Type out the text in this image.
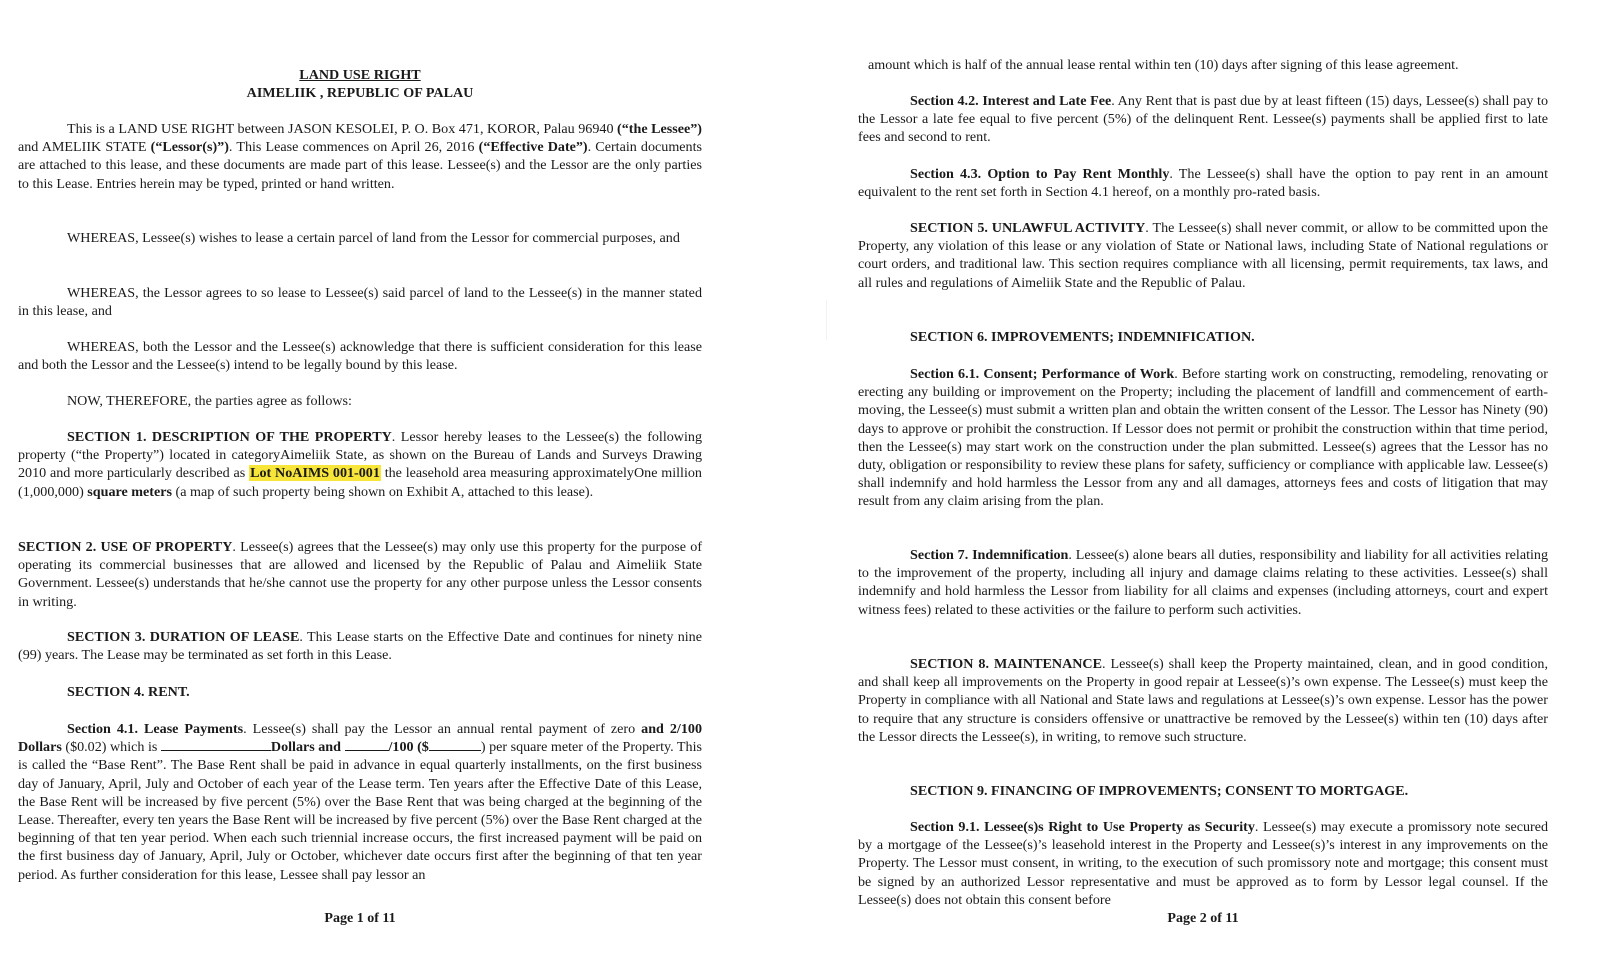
LAND USE RIGHT
AIMELIIK , REPUBLIC OF PALAU

This is a LAND USE RIGHT between JASON KESOLEI, P. O. Box 471, KOROR, Palau 96940 (“the Lessee”) and AMELIIK STATE (“Lessor(s)”). This Lease commences on April 26, 2016 (“Effective Date”). Certain documents are attached to this lease, and these documents are made part of this lease. Lessee(s) and the Lessor are the only parties to this Lease. Entries herein may be typed, printed or hand written.

WHEREAS, Lessee(s) wishes to lease a certain parcel of land from the Lessor for commercial purposes, and

WHEREAS, the Lessor agrees to so lease to Lessee(s) said parcel of land to the Lessee(s) in the manner stated in this lease, and

WHEREAS, both the Lessor and the Lessee(s) acknowledge that there is sufficient consideration for this lease and both the Lessor and the Lessee(s) intend to be legally bound by this lease.

NOW, THEREFORE, the parties agree as follows:

SECTION 1. DESCRIPTION OF THE PROPERTY. Lessor hereby leases to the Lessee(s) the following property (“the Property”) located in categoryAimeliik State, as shown on the Bureau of Lands and Surveys Drawing 2010 and more particularly described as Lot NoAIMS 001-001 the leasehold area measuring approximatelyOne million (1,000,000) square meters (a map of such property being shown on Exhibit A, attached to this lease).

SECTION 2. USE OF PROPERTY. Lessee(s) agrees that the Lessee(s) may only use this property for the purpose of operating its commercial businesses that are allowed and licensed by the Republic of Palau and Aimeliik State Government. Lessee(s) understands that he/she cannot use the property for any other purpose unless the Lessor consents in writing.

SECTION 3. DURATION OF LEASE. This Lease starts on the Effective Date and continues for ninety nine (99) years. The Lease may be terminated as set forth in this Lease.

SECTION 4. RENT.

Section 4.1. Lease Payments. Lessee(s) shall pay the Lessor an annual rental payment of zero and 2/100 Dollars ($0.02) which is	Dollars and	/100 ($	) per square meter of the Property. This is called the “Base Rent”. The Base Rent shall be paid in advance in equal quarterly installments, on the first business day of January, April, July and October of each year of the Lease term. Ten years after the Effective Date of this Lease, the Base Rent will be increased by five percent (5%) over the Base Rent that was being charged at the beginning of the Lease. Thereafter, every ten years the Base Rent will be increased by five percent (5%) over the Base Rent charged at the beginning of that ten year period. When each such triennial increase occurs, the first increased payment will be paid on the first business day of January, April, July or October, whichever date occurs first after the beginning of that ten year period. As further consideration for this lease, Lessee shall pay lessor an

Page 1 of 11

amount which is half of the annual lease rental within ten (10) days after signing of this lease agreement.

Section 4.2. Interest and Late Fee. Any Rent that is past due by at least fifteen (15) days, Lessee(s) shall pay to the Lessor a late fee equal to five percent (5%) of the delinquent Rent. Lessee(s) payments shall be applied first to late fees and second to rent.

Section 4.3. Option to Pay Rent Monthly. The Lessee(s) shall have the option to pay rent in an amount equivalent to the rent set forth in Section 4.1 hereof, on a monthly pro-rated basis.

SECTION 5. UNLAWFUL ACTIVITY. The Lessee(s) shall never commit, or allow to be committed upon the Property, any violation of this lease or any violation of State or National laws, including State of National regulations or court orders, and traditional law. This section requires compliance with all licensing, permit requirements, tax laws, and all rules and regulations of Aimeliik State and the Republic of Palau.

SECTION 6. IMPROVEMENTS; INDEMNIFICATION.

Section 6.1. Consent; Performance of Work. Before starting work on constructing, remodeling, renovating or erecting any building or improvement on the Property; including the placement of landfill and commencement of earth-moving, the Lessee(s) must submit a written plan and obtain the written consent of the Lessor. The Lessor has Ninety (90) days to approve or prohibit the construction. If Lessor does not permit or prohibit the construction within that time period, then the Lessee(s) may start work on the construction under the plan submitted. Lessee(s) agrees that the Lessor has no duty, obligation or responsibility to review these plans for safety, sufficiency or compliance with applicable law. Lessee(s) shall indemnify and hold harmless the Lessor from any and all damages, attorneys fees and costs of litigation that may result from any claim arising from the plan.

Section 7. Indemnification. Lessee(s) alone bears all duties, responsibility and liability for all activities relating to the improvement of the property, including all injury and damage claims relating to these activities. Lessee(s) shall indemnify and hold harmless the Lessor from liability for all claims and expenses (including attorneys, court and expert witness fees) related to these activities or the failure to perform such activities.

SECTION 8. MAINTENANCE. Lessee(s) shall keep the Property maintained, clean, and in good condition, and shall keep all improvements on the Property in good repair at Lessee(s)’s own expense. The Lessee(s) must keep the Property in compliance with all National and State laws and regulations at Lessee(s)’s own expense. Lessor has the power to require that any structure is considers offensive or unattractive be removed by the Lessee(s) within ten (10) days after the Lessor directs the Lessee(s), in writing, to remove such structure.

SECTION 9. FINANCING OF IMPROVEMENTS; CONSENT TO MORTGAGE.

Section 9.1. Lessee(s)s Right to Use Property as Security. Lessee(s) may execute a promissory note secured by a mortgage of the Lessee(s)’s leasehold interest in the Property and Lessee(s)’s interest in any improvements on the Property. The Lessor must consent, in writing, to the execution of such promissory note and mortgage; this consent must be signed by an authorized Lessor representative and must be approved as to form by Lessor legal counsel. If the Lessee(s) does not obtain this consent before

Page 2 of 11
